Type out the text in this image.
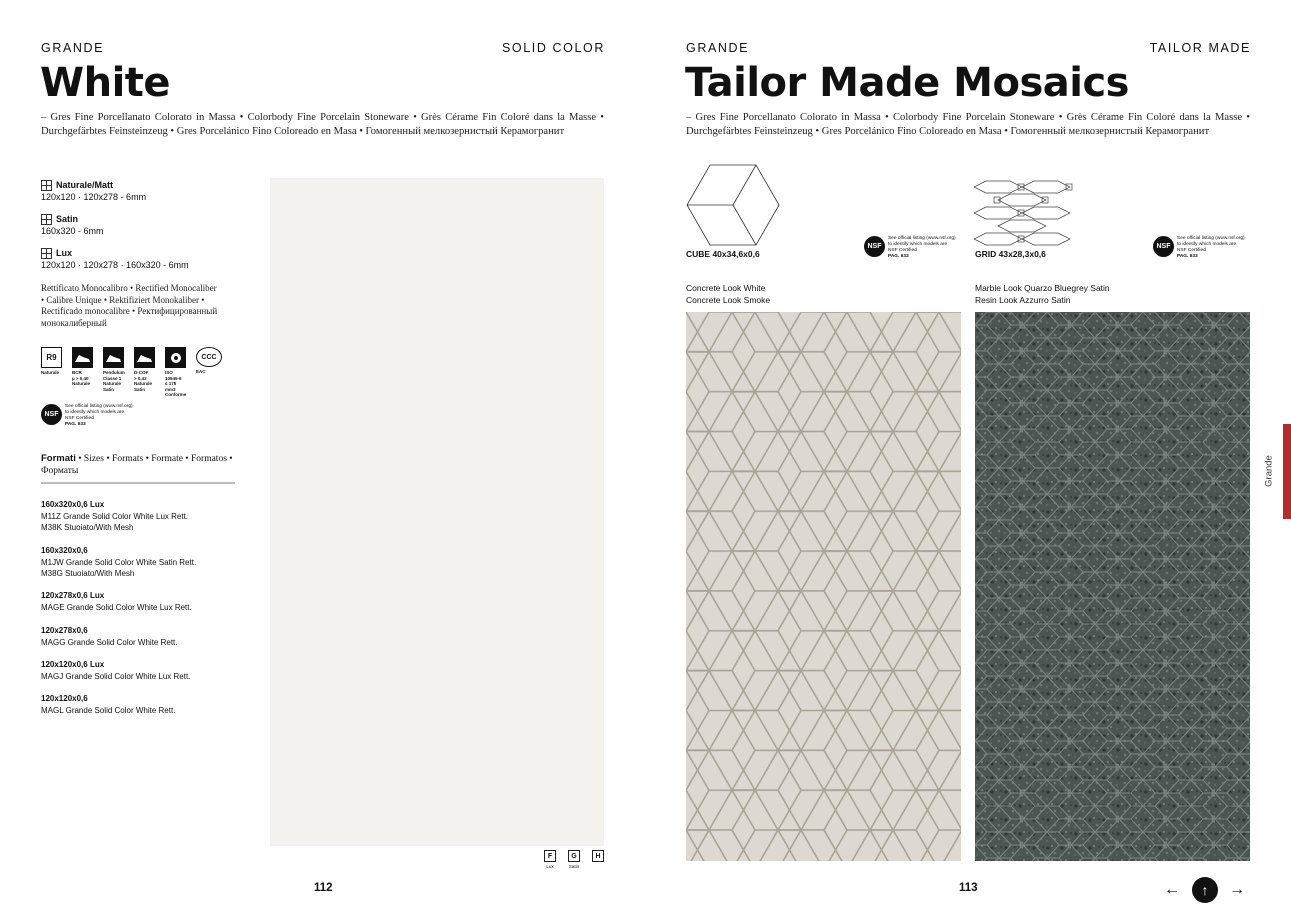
GRANDE	SOLID COLOR
White
– Gres Fine Porcellanato Colorato in Massa • Colorbody Fine Porcelain Stoneware • Grès Cérame Fin Coloré dans la Masse • Durchgefärbtes Feinsteinzeug • Gres Porcelánico Fino Coloreado en Masa • Гомогенный мелкозернистый Керамогранит
Naturale/Matt
120x120 · 120x278 - 6mm
Satin
160x320 - 6mm
Lux
120x120 · 120x278 · 160x320 - 6mm
Rettificato Monocalibro • Rectified Monocaliber • Calibre Unique • Rektifiziert Monokaliber • Rectificado monocalibre • Ректифицированный монокалиберный
R9
Naturale	BCR
µ > 0,40
Naturale
Pendulum
Classe 1
Naturale
Satin
D-COF
> 0,42
Naturale
Satin
ISO 10545-6
≤ 175 mm3
Conforme
ССС
EAC
NSF
See official listing (www.nsf.org)
to identify which models are
NSF Certified

PAG. 633
Formati • Sizes • Formats • Formate • Formatos • Форматы
160x320x0,6 Lux
M11Z Grande Solid Color White Lux Rett.
M38K Stuoiato/With Mesh
160x320x0,6
M1JW Grande Solid Color White Satin Rett.
M38G Stuoiato/With Mesh
120x278x0,6 Lux
MAGE Grande Solid Color White Lux Rett.
120x278x0,6
MAGG Grande Solid Color White Rett.
120x120x0,6 Lux
MAGJ Grande Solid Color White Lux Rett.
120x120x0,6
MAGL Grande Solid Color White Rett.
F
Lux
G
Satin
H
112
GRANDE	TAILOR MADE
Tailor Made Mosaics
– Gres Fine Porcellanato Colorato in Massa • Colorbody Fine Porcelain Stoneware • Grès Cérame Fin Coloré dans la Masse • Durchgefärbtes Feinsteinzeug • Gres Porcelánico Fino Coloreado en Masa • Гомогенный мелкозернистый Керамогранит
CUBE 40x34,6x0,6
NSF
See official listing (www.nsf.org)
to identify which models are
NSF Certified

PAG. 633	GRID 43x28,3x0,6
NSF
See official listing (www.nsf.org)
to identify which models are
NSF Certified

PAG. 633
Concrete Look White
Concrete Look Smoke
Marble Look Quarzo Bluegrey Satin
Resin Look Azzurro Satin
113
Grande
←	↑	→
